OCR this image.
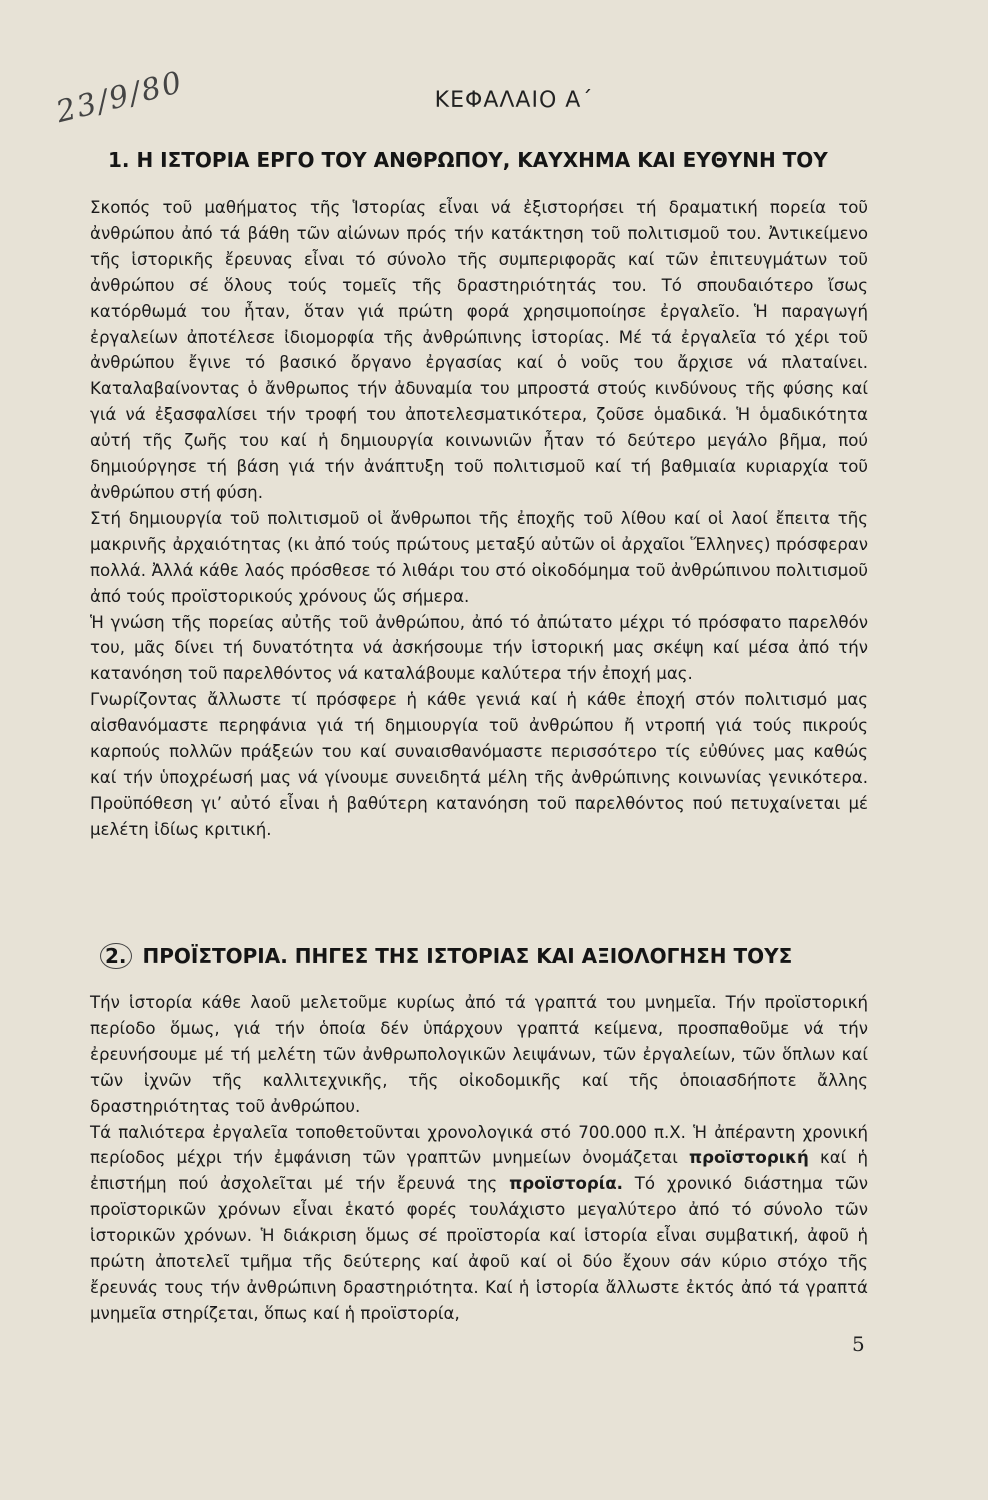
23/9/80	ΚΕΦΑΛΑΙΟ Α΄
1. Η ΙΣΤΟΡΙΑ ΕΡΓΟ ΤΟΥ ΑΝΘΡΩΠΟΥ, ΚΑΥΧΗΜΑ ΚΑΙ ΕΥΘΥΝΗ ΤΟΥ

Σκοπός τοῦ μαθήματος τῆς Ἱστορίας εἶναι νά ἐξιστορήσει τή δραματική πορεία τοῦ ἀνθρώπου ἀπό τά βάθη τῶν αἰώνων πρός τήν κατάκτηση τοῦ πολιτισμοῦ του. Ἀντικείμενο τῆς ἱστορικῆς ἔρευνας εἶναι τό σύνολο τῆς συμπεριφορᾶς καί τῶν ἐπιτευγμάτων τοῦ ἀνθρώπου σέ ὅλους τούς τομεῖς τῆς δραστηριότητάς του. Τό σπουδαιότερο ἴσως κατόρθωμά του ἦταν, ὅταν γιά πρώτη φορά χρησιμοποίησε ἐργαλεῖο. Ἡ παραγωγή ἐργαλείων ἀποτέλεσε ἰδιομορφία τῆς ἀνθρώπινης ἱστορίας. Μέ τά ἐργαλεῖα τό χέρι τοῦ ἀνθρώπου ἔγινε τό βασικό ὄργανο ἐργασίας καί ὁ νοῦς του ἄρχισε νά πλαταίνει. Καταλαβαίνοντας ὁ ἄνθρωπος τήν ἀδυναμία του μπροστά στούς κινδύνους τῆς φύσης καί γιά νά ἐξασφαλίσει τήν τροφή του ἀποτελεσματικότερα, ζοῦσε ὁμαδικά. Ἡ ὁμαδικότητα αὐτή τῆς ζωῆς του καί ἡ δημιουργία κοινωνιῶν ἦταν τό δεύτερο μεγάλο βῆμα, πού δημιούργησε τή βάση γιά τήν ἀνάπτυξη τοῦ πολιτισμοῦ καί τή βαθμιαία κυριαρχία τοῦ ἀνθρώπου στή φύση.

Στή δημιουργία τοῦ πολιτισμοῦ οἱ ἄνθρωποι τῆς ἐποχῆς τοῦ λίθου καί οἱ λαοί ἔπειτα τῆς μακρινῆς ἀρχαιότητας (κι ἀπό τούς πρώτους μεταξύ αὐτῶν οἱ ἀρχαῖοι Ἕλληνες) πρόσφεραν πολλά. Ἀλλά κάθε λαός πρόσθεσε τό λιθάρι του στό οἰκοδόμημα τοῦ ἀνθρώπινου πολιτισμοῦ ἀπό τούς προϊστορικούς χρόνους ὥς σήμερα.

Ἡ γνώση τῆς πορείας αὐτῆς τοῦ ἀνθρώπου, ἀπό τό ἀπώτατο μέχρι τό πρόσφατο παρελθόν του, μᾶς δίνει τή δυνατότητα νά ἀσκήσουμε τήν ἱστορική μας σκέψη καί μέσα ἀπό τήν κατανόηση τοῦ παρελθόντος νά καταλάβουμε καλύτερα τήν ἐποχή μας.

Γνωρίζοντας ἄλλωστε τί πρόσφερε ἡ κάθε γενιά καί ἡ κάθε ἐποχή στόν πολιτισμό μας αἰσθανόμαστε περηφάνια γιά τή δημιουργία τοῦ ἀνθρώπου ἤ ντροπή γιά τούς πικρούς καρπούς πολλῶν πράξεών του καί συναισθανόμαστε περισσότερο τίς εὐθύνες μας καθώς καί τήν ὑποχρέωσή μας νά γίνουμε συνειδητά μέλη τῆς ἀνθρώπινης κοινωνίας γενικότερα. Προϋπόθεση γι’ αὐτό εἶναι ἡ βαθύτερη κατανόηση τοῦ παρελθόντος πού πετυχαίνεται μέ μελέτη ἰδίως κριτική.

2. ΠΡΟΪΣΤΟΡΙΑ. ΠΗΓΕΣ ΤΗΣ ΙΣΤΟΡΙΑΣ ΚΑΙ ΑΞΙΟΛΟΓΗΣΗ ΤΟΥΣ

Τήν ἱστορία κάθε λαοῦ μελετοῦμε κυρίως ἀπό τά γραπτά του μνημεῖα. Τήν προϊστορική περίοδο ὅμως, γιά τήν ὁποία δέν ὑπάρχουν γραπτά κείμενα, προσπαθοῦμε νά τήν ἐρευνήσουμε μέ τή μελέτη τῶν ἀνθρωπολογικῶν λειψάνων, τῶν ἐργαλείων, τῶν ὅπλων καί τῶν ἰχνῶν τῆς καλλιτεχνικῆς, τῆς οἰκοδομικῆς καί τῆς ὁποιασδήποτε ἄλλης δραστηριότητας τοῦ ἀνθρώπου.

Τά παλιότερα ἐργαλεῖα τοποθετοῦνται χρονολογικά στό 700.000 π.Χ. Ἡ ἀπέραντη χρονική περίοδος μέχρι τήν ἐμφάνιση τῶν γραπτῶν μνημείων ὀνομάζεται προϊστορική καί ἡ ἐπιστήμη πού ἀσχολεῖται μέ τήν ἔρευνά της προϊστορία. Τό χρονικό διάστημα τῶν προϊστορικῶν χρόνων εἶναι ἑκατό φορές τουλάχιστο μεγαλύτερο ἀπό τό σύνολο τῶν ἱστορικῶν χρόνων. Ἡ διάκριση ὅμως σέ προϊστορία καί ἱστορία εἶναι συμβατική, ἀφοῦ ἡ πρώτη ἀποτελεῖ τμῆμα τῆς δεύτερης καί ἀφοῦ καί οἱ δύο ἔχουν σάν κύριο στόχο τῆς ἔρευνάς τους τήν ἀνθρώπινη δραστηριότητα. Καί ἡ ἱστορία ἄλλωστε ἐκτός ἀπό τά γραπτά μνημεῖα στηρίζεται, ὅπως καί ἡ προϊστορία,

5
